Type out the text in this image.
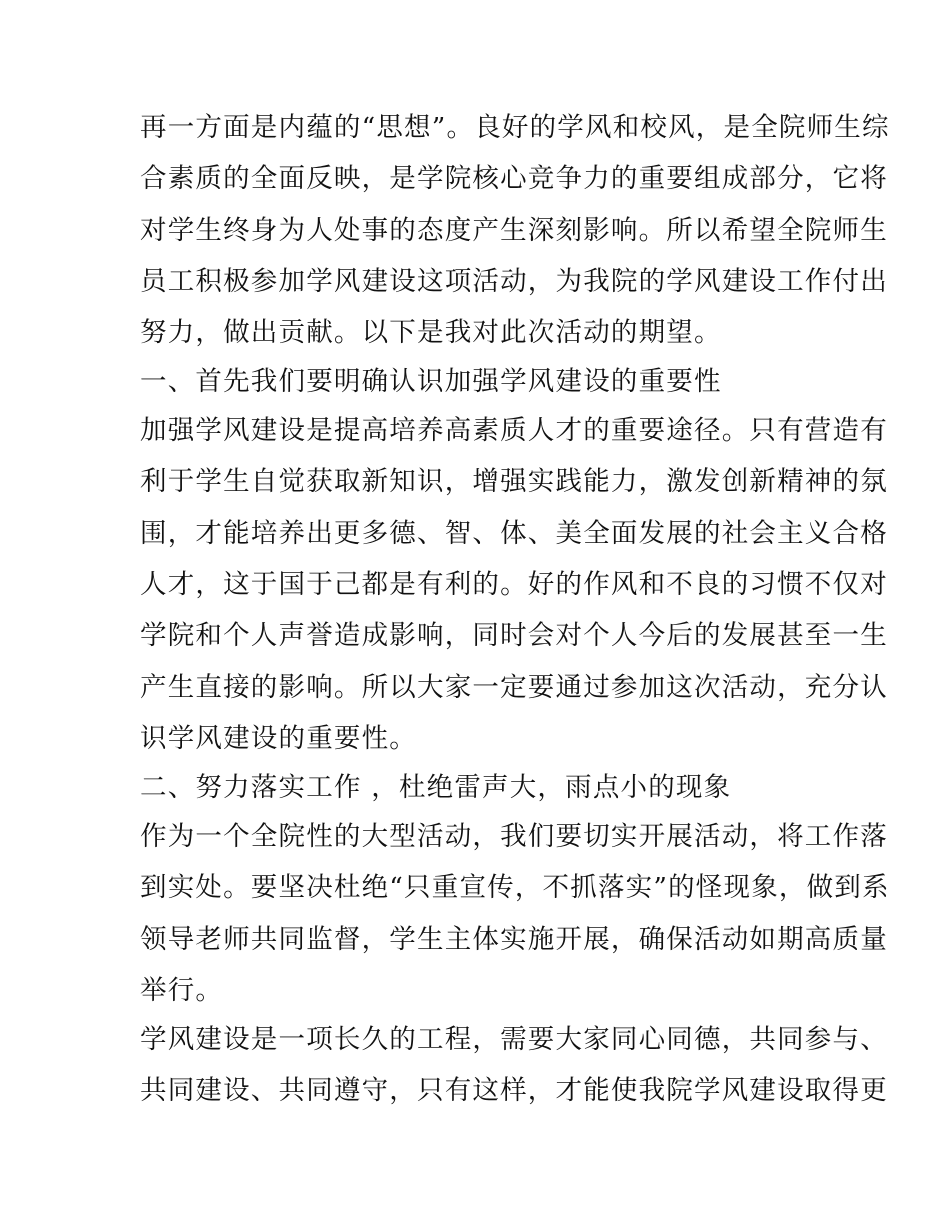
再一方面是内蕴的“思想”。良好的学风和校风，是全院师生综
合素质的全面反映，是学院核心竞争力的重要组成部分，它将
对学生终身为人处事的态度产生深刻影响。所以希望全院师生
员工积极参加学风建设这项活动，为我院的学风建设工作付出
努力，做出贡献。以下是我对此次活动的期望。
一、首先我们要明确认识加强学风建设的重要性
加强学风建设是提高培养高素质人才的重要途径。只有营造有
利于学生自觉获取新知识，增强实践能力，激发创新精神的氛
围，才能培养出更多德、智、体、美全面发展的社会主义合格
人才，这于国于己都是有利的。好的作风和不良的习惯不仅对
学院和个人声誉造成影响，同时会对个人今后的发展甚至一生
产生直接的影响。所以大家一定要通过参加这次活动，充分认
识学风建设的重要性。
二、努力落实工作 ，杜绝雷声大，雨点小的现象
作为一个全院性的大型活动，我们要切实开展活动，将工作落
到实处。要坚决杜绝“只重宣传，不抓落实”的怪现象，做到系
领导老师共同监督，学生主体实施开展，确保活动如期高质量
举行。
学风建设是一项长久的工程，需要大家同心同德，共同参与、
共同建设、共同遵守，只有这样，才能使我院学风建设取得更
